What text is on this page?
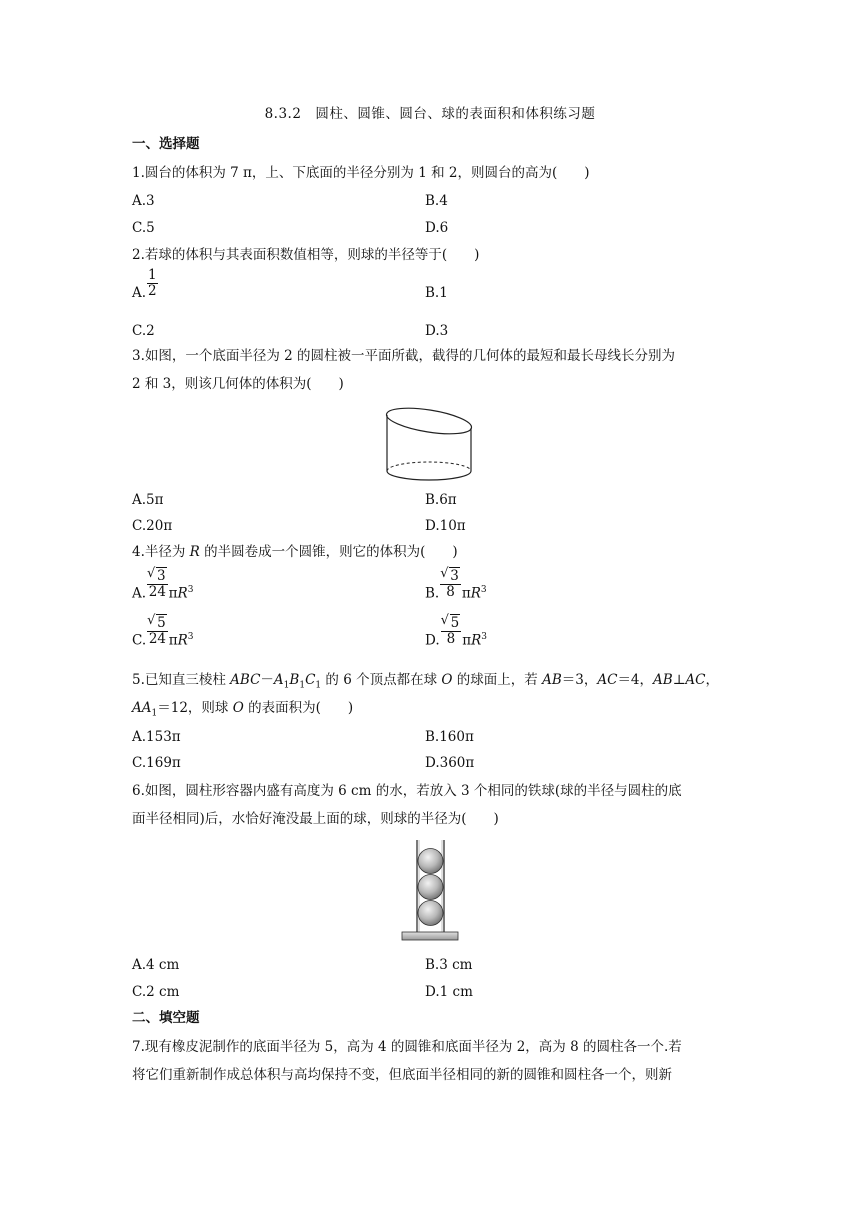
8.3.2　圆柱、圆锥、圆台、球的表面积和体积练习题
一、选择题
1.圆台的体积为 7 π，上、下底面的半径分别为 1 和 2，则圆台的高为(　　)
A.3	B.4
C.5	D.6
2.若球的体积与其表面积数值相等，则球的半径等于(　　)
A. $\frac{1}{2}$	B.1
C.2	D.3
3.如图，一个底面半径为 2 的圆柱被一平面所截，截得的几何体的最短和最长母线长分别为
2 和 3，则该几何体的体积为(　　)
A.5π	B.6π
C.20π	D.10π
4.半径为 R 的半圆卷成一个圆锥，则它的体积为(　　)
A. √ $\frac{3}{24} \pi R^3$	B. √ $\frac{3}{8} \pi R^3$
C. √ $\frac{5}{24} \pi R^3$	D. √ $\frac{5}{8} \pi R^3$
5.已知直三棱柱 $ABC-A_1B_1C_1$ 的 6 个顶点都在球 O 的球面上，若 AB＝3，AC＝4，AB⊥AC，
$AA_1=12$，则球 O 的表面积为(　　)
A.153π	B.160π
C.169π	D.360π
6.如图，圆柱形容器内盛有高度为 6 cm 的水，若放入 3 个相同的铁球(球的半径与圆柱的底
面半径相同)后，水恰好淹没最上面的球，则球的半径为(　　)
A.4 cm	B.3 cm
C.2 cm	D.1 cm
二、填空题
7.现有橡皮泥制作的底面半径为 5，高为 4 的圆锥和底面半径为 2，高为 8 的圆柱各一个.若
将它们重新制作成总体积与高均保持不变，但底面半径相同的新的圆锥和圆柱各一个，则新
